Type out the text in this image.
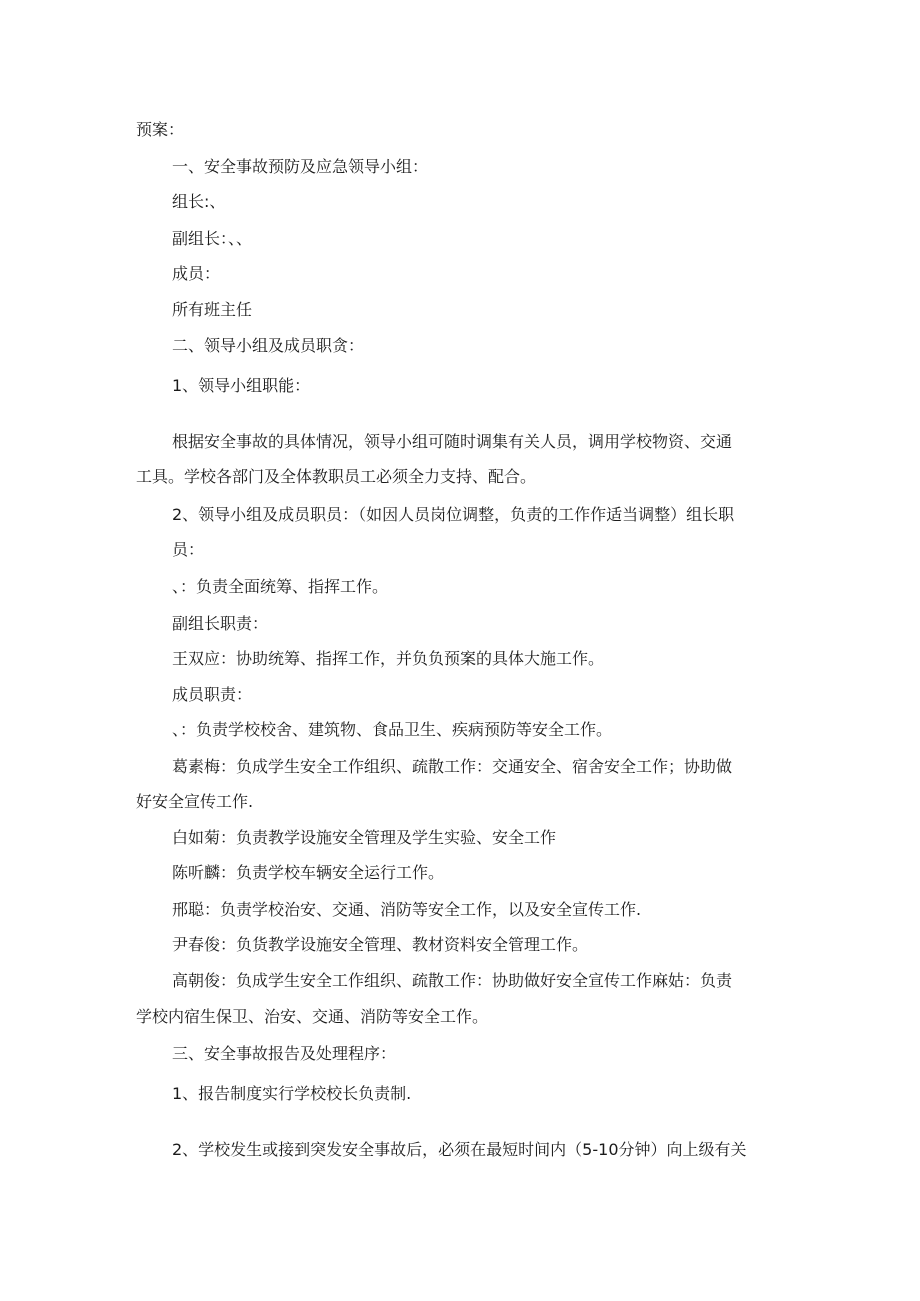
预案：

一、安全事故预防及应急领导小组：

组长:、

副组长：、、

成员：

所有班主任

二、领导小组及成员职贪：

1、领导小组职能：

根据安全事故的具体情况，领导小组可随时调集有关人员，调用学校物资、交通

工具。学校各部门及全体教职员工必须全力支持、配合。

2、领导小组及成员职员：（如因人员岗位调整，负责的工作作适当调整）组长职

员：

、：负责全面统筹、指挥工作。

副组长职责：

王双应：协助统筹、指挥工作，并负负预案的具体大施工作。

成员职责：

、：负责学校校舍、建筑物、食品卫生、疾病预防等安全工作。

葛素梅：负成学生安全工作组织、疏散工作：交通安全、宿舍安全工作；协助做

好安全宣传工作.

白如菊：负责教学设施安全管理及学生实验、安全工作

陈听麟：负责学校车辆安全运行工作。

邢聪：负责学校治安、交通、消防等安全工作，以及安全宣传工作.

尹春俊：负货教学设施安全管理、教材资料安全管理工作。

高朝俊：负成学生安全工作组织、疏散工作：协助做好安全宣传工作麻姑：负责

学校内宿生保卫、治安、交通、消防等安全工作。

三、安全事故报告及处理程序：

1、报告制度实行学校校长负责制.

2、学校发生或接到突发安全事故后，必须在最短时间内（5-10分钟）向上级有关
